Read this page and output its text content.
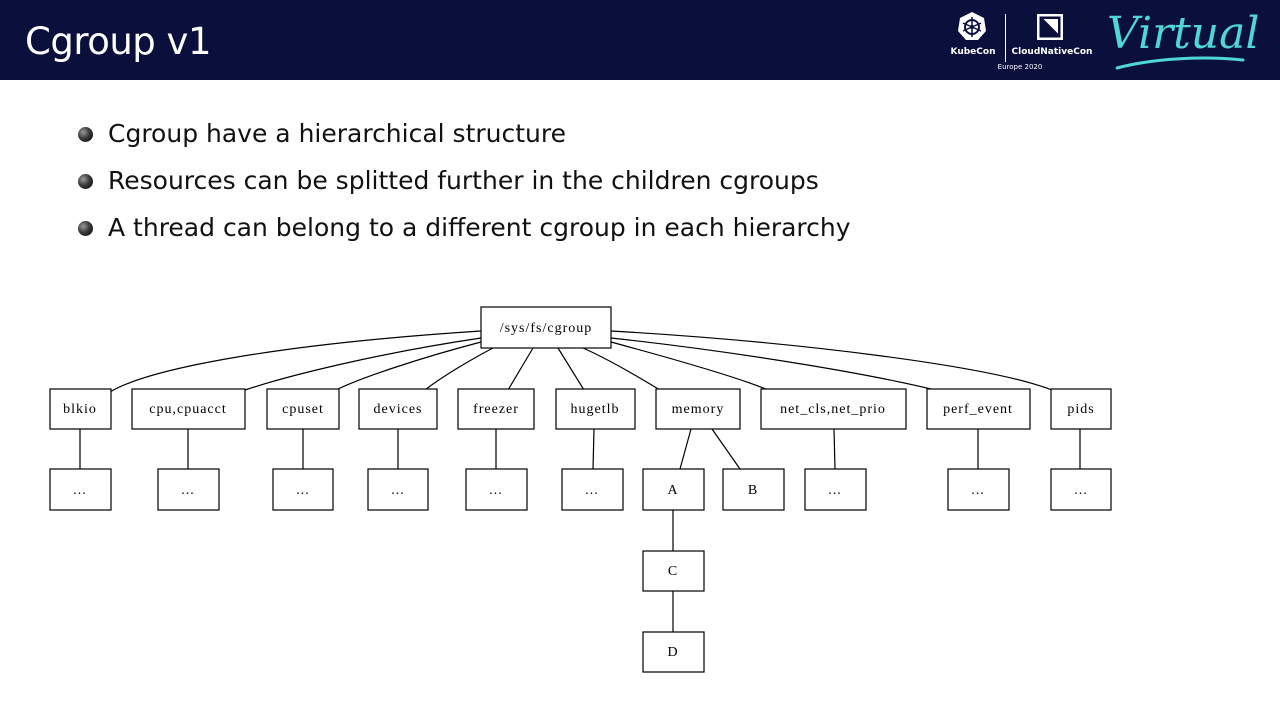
Cgroup v1	KubeCon	CloudNativeCon
Europe 2020
Virtual
Cgroup have a hierarchical structure
Resources can be splitted further in the children cgroups
A thread can belong to a different cgroup in each hierarchy
/sys/fs/cgroup
blkio	cpu,cpuacct	cpuset	devices	freezer	hugetlb	memory	net_cls,net_prio	perf_event	pids
...	...	...	...	...	...	A	B	...	...	...
C
D
